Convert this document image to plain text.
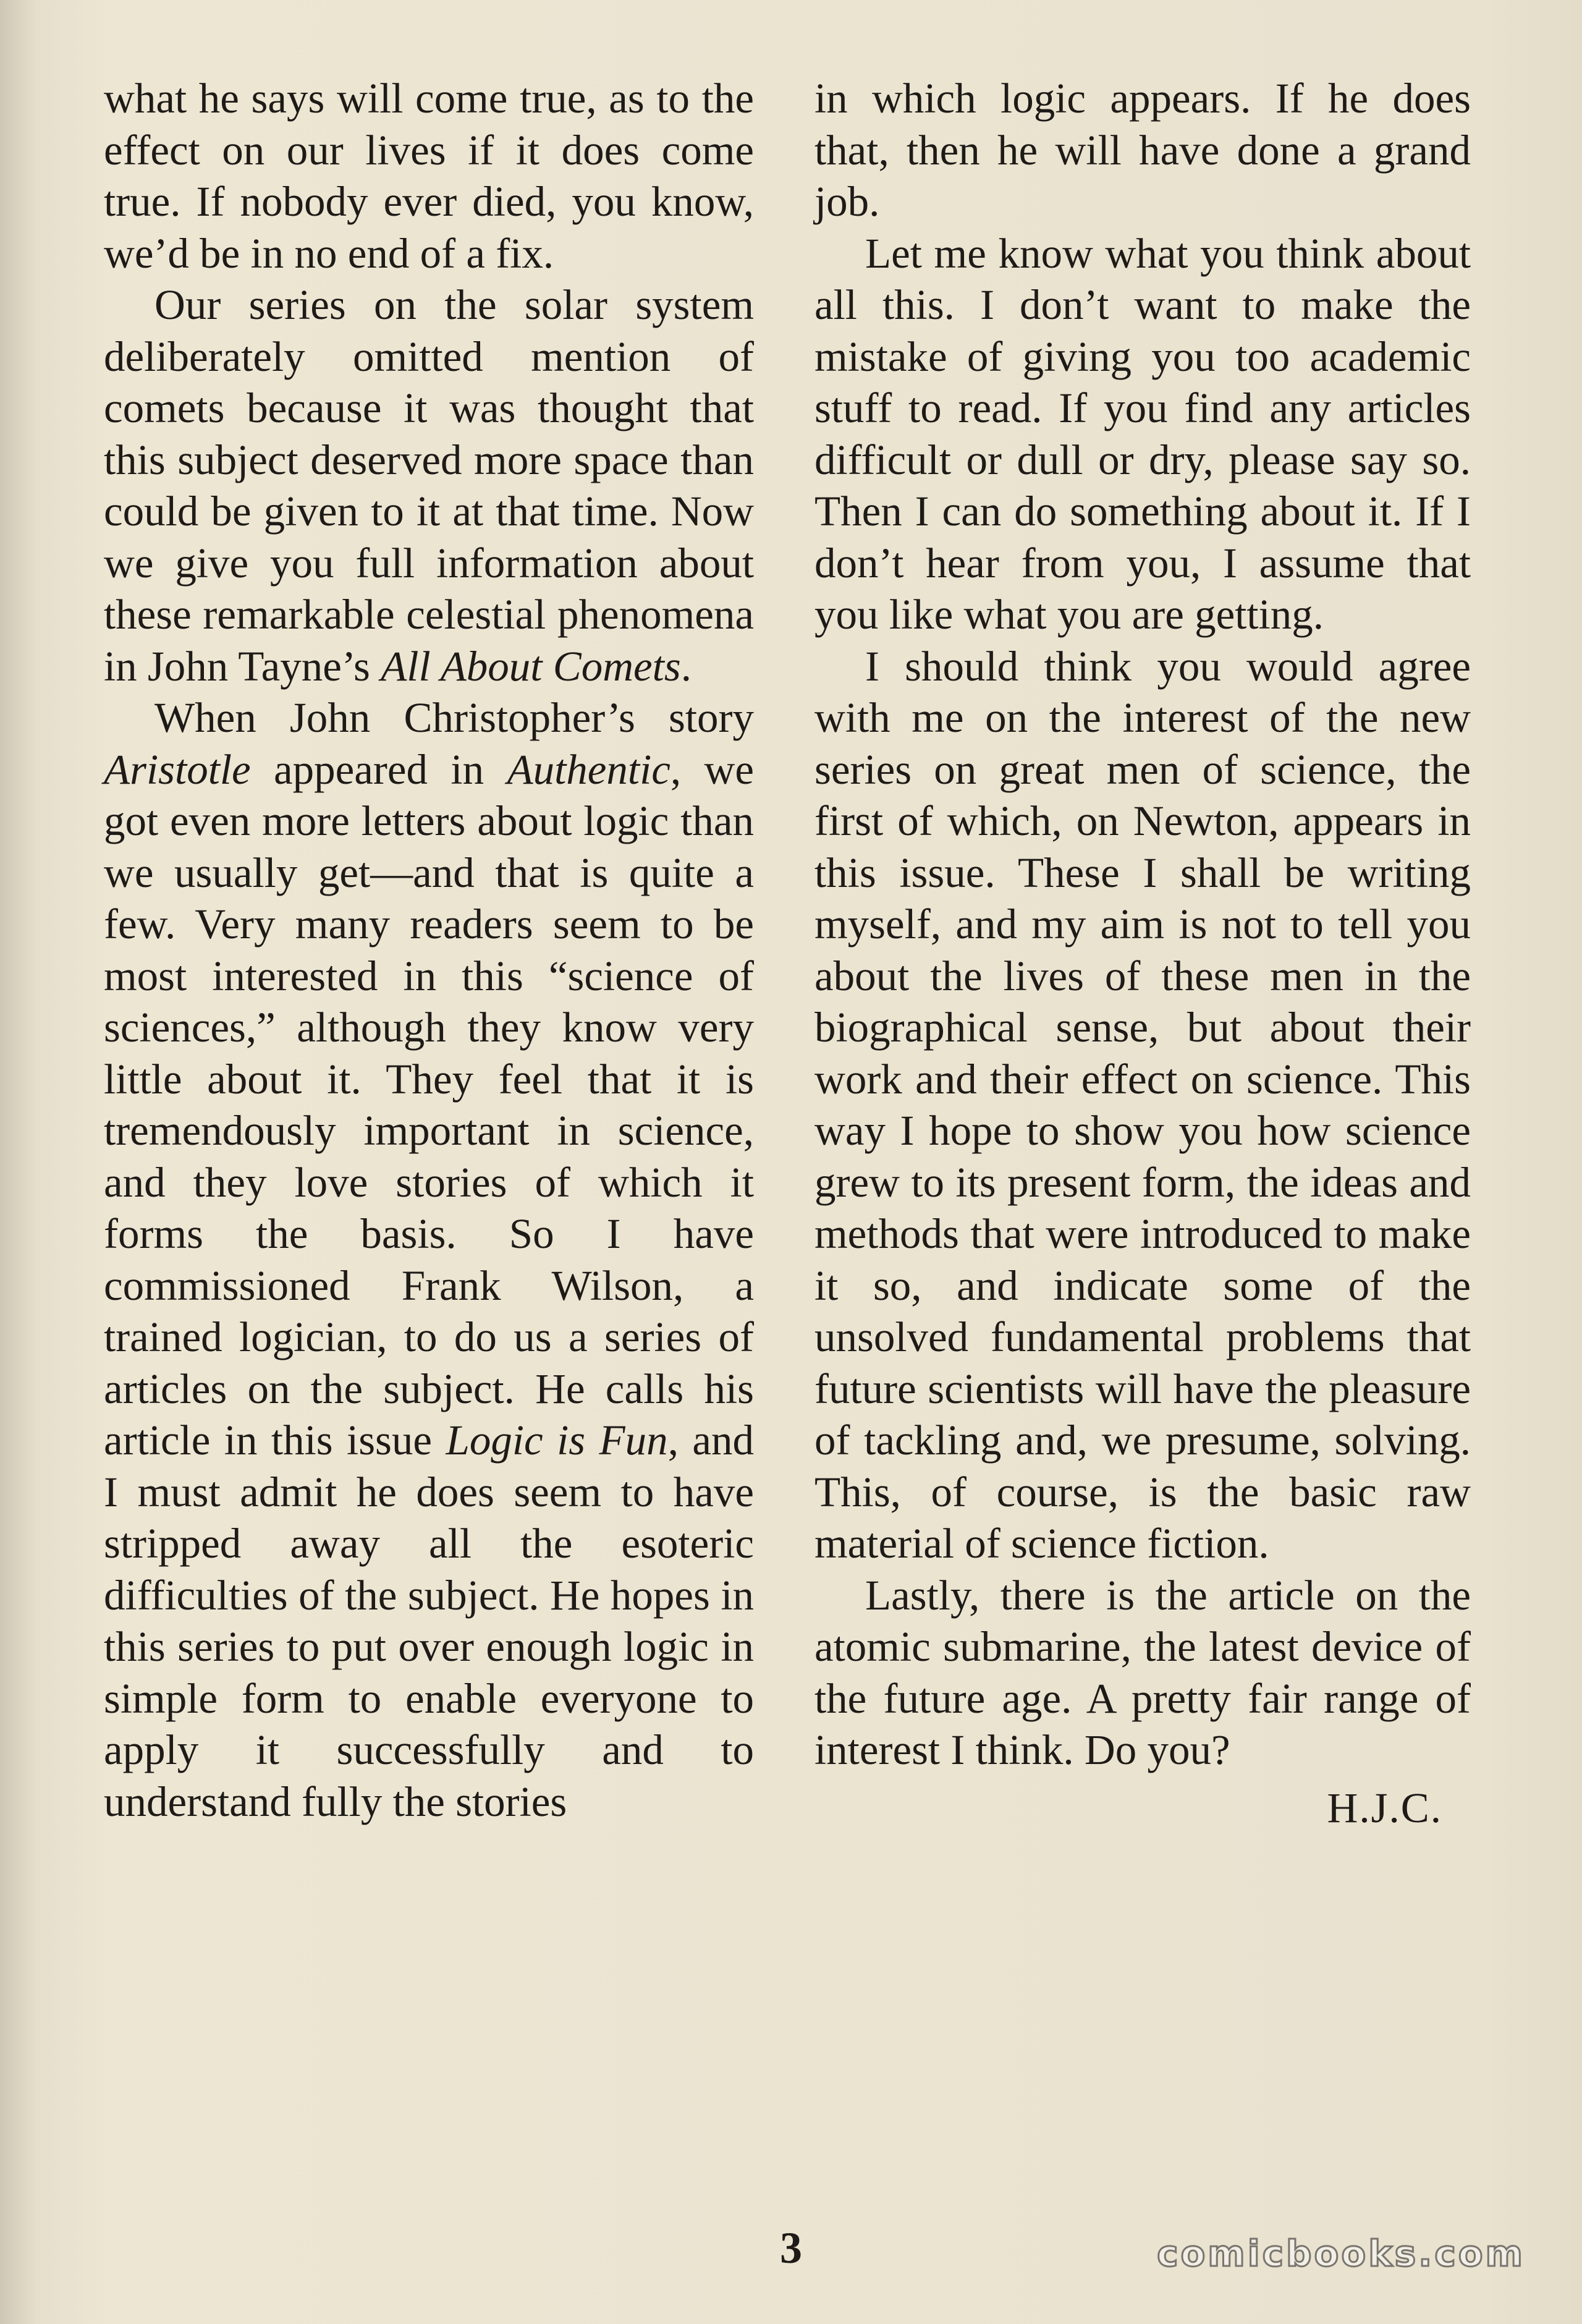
what he says will come true, as to the effect on our lives if it does come true. If nobody ever died, you know, we’d be in no end of a fix.

Our series on the solar system deliberately omitted mention of comets because it was thought that this subject deserved more space than could be given to it at that time. Now we give you full information about these remarkable celestial phenomena in John Tayne’s All About Comets.

When John Christopher’s story Aristotle appeared in Authentic, we got even more letters about logic than we usually get—and that is quite a few. Very many readers seem to be most interested in this “science of sciences,” although they know very little about it. They feel that it is tremendously important in science, and they love stories of which it forms the basis. So I have commissioned Frank Wilson, a trained logician, to do us a series of articles on the subject. He calls his article in this issue Logic is Fun, and I must admit he does seem to have stripped away all the esoteric difficulties of the subject. He hopes in this series to put over enough logic in simple form to enable everyone to apply it successfully and to understand fully the stories

in which logic appears. If he does that, then he will have done a grand job.

Let me know what you think about all this. I don’t want to make the mistake of giving you too academic stuff to read. If you find any articles difficult or dull or dry, please say so. Then I can do something about it. If I don’t hear from you, I assume that you like what you are getting.

I should think you would agree with me on the interest of the new series on great men of science, the first of which, on Newton, appears in this issue. These I shall be writing myself, and my aim is not to tell you about the lives of these men in the biographical sense, but about their work and their effect on science. This way I hope to show you how science grew to its present form, the ideas and methods that were introduced to make it so, and indicate some of the unsolved fundamental problems that future scientists will have the pleasure of tackling and, we presume, solving. This, of course, is the basic raw material of science fiction.

Lastly, there is the article on the atomic submarine, the latest device of the future age. A pretty fair range of interest I think. Do you?

H.J.C.
3	comicbooks.com
